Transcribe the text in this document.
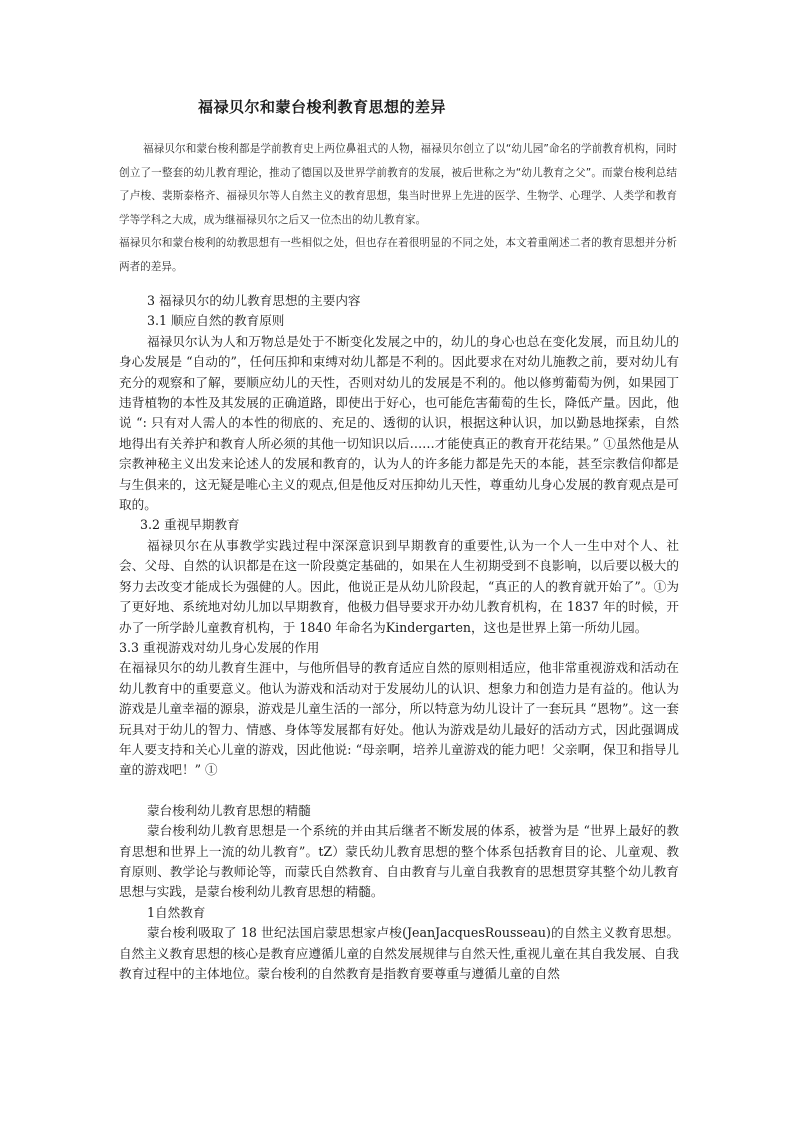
福禄贝尔和蒙台梭利教育思想的差异

福禄贝尔和蒙台梭利都是学前教育史上两位鼻祖式的人物，福禄贝尔创立了以“幼儿园”命名的学前教育机构，同时创立了一整套的幼儿教育理论，推动了德国以及世界学前教育的发展，被后世称之为“幼儿教育之父”。而蒙台梭利总结了卢梭、裴斯泰格齐、福禄贝尔等人自然主义的教育思想，集当时世界上先进的医学、生物学、心理学、人类学和教育学等学科之大成，成为继福禄贝尔之后又一位杰出的幼儿教育家。

福禄贝尔和蒙台梭利的幼教思想有一些相似之处，但也存在着很明显的不同之处，本文着重阐述二者的教育思想并分析两者的差异。

3 福禄贝尔的幼儿教育思想的主要内容

3.1 顺应自然的教育原则

福禄贝尔认为人和万物总是处于不断变化发展之中的，幼儿的身心也总在变化发展，而且幼儿的身心发展是 “自动的”，任何压抑和束缚对幼儿都是不利的。因此要求在对幼儿施教之前，要对幼儿有充分的观察和了解，要顺应幼儿的天性，否则对幼儿的发展是不利的。他以修剪葡萄为例，如果园丁违背植物的本性及其发展的正确道路，即使出于好心，也可能危害葡萄的生长，降低产量。因此，他说 “: 只有对人需人的本性的彻底的、充足的、透彻的认识，根据这种认识，加以勤恳地探索，自然地得出有关养护和教育人所必须的其他一切知识以后……才能使真正的教育开花结果。” ①虽然他是从宗教神秘主义出发来论述人的发展和教育的，认为人的许多能力都是先天的本能，甚至宗教信仰都是与生俱来的，这无疑是唯心主义的观点,但是他反对压抑幼儿天性，尊重幼儿身心发展的教育观点是可取的。

3.2 重视早期教育

福禄贝尔在从事教学实践过程中深深意识到早期教育的重要性,认为一个人一生中对个人、社会、父母、自然的认识都是在这一阶段奠定基础的，如果在人生初期受到不良影响，以后要以极大的努力去改变才能成长为强健的人。因此，他说正是从幼儿阶段起，“真正的人的教育就开始了”。①为了更好地、系统地对幼儿加以早期教育，他极力倡导要求开办幼儿教育机构，在 1837 年的时候，开办了一所学龄儿童教育机构，于 1840 年命名为Kindergarten，这也是世界上第一所幼儿园。

3.3 重视游戏对幼儿身心发展的作用

在福禄贝尔的幼儿教育生涯中，与他所倡导的教育适应自然的原则相适应，他非常重视游戏和活动在幼儿教育中的重要意义。他认为游戏和活动对于发展幼儿的认识、想象力和创造力是有益的。他认为游戏是儿童幸福的源泉，游戏是儿童生活的一部分，所以特意为幼儿设计了一套玩具 “恩物”。这一套玩具对于幼儿的智力、情感、身体等发展都有好处。他认为游戏是幼儿最好的活动方式，因此强调成年人要支持和关心儿童的游戏，因此他说: “母亲啊，培养儿童游戏的能力吧！父亲啊，保卫和指导儿童的游戏吧！” ①

蒙台梭利幼儿教育思想的精髓

蒙台梭利幼儿教育思想是一个系统的并由其后继者不断发展的体系，被誉为是 “世界上最好的教育思想和世界上一流的幼儿教育”。tZ）蒙氏幼儿教育思想的整个体系包括教育目的论、儿童观、教育原则、教学论与教师论等，而蒙氏自然教育、自由教育与儿童自我教育的思想贯穿其整个幼儿教育思想与实践，是蒙台梭利幼儿教育思想的精髓。

1自然教育

蒙台梭利吸取了 18 世纪法国启蒙思想家卢梭(JeanJacquesRousseau)的自然主义教育思想。自然主义教育思想的核心是教育应遵循儿童的自然发展规律与自然天性,重视儿童在其自我发展、自我教育过程中的主体地位。蒙台梭利的自然教育是指教育要尊重与遵循儿童的自然
